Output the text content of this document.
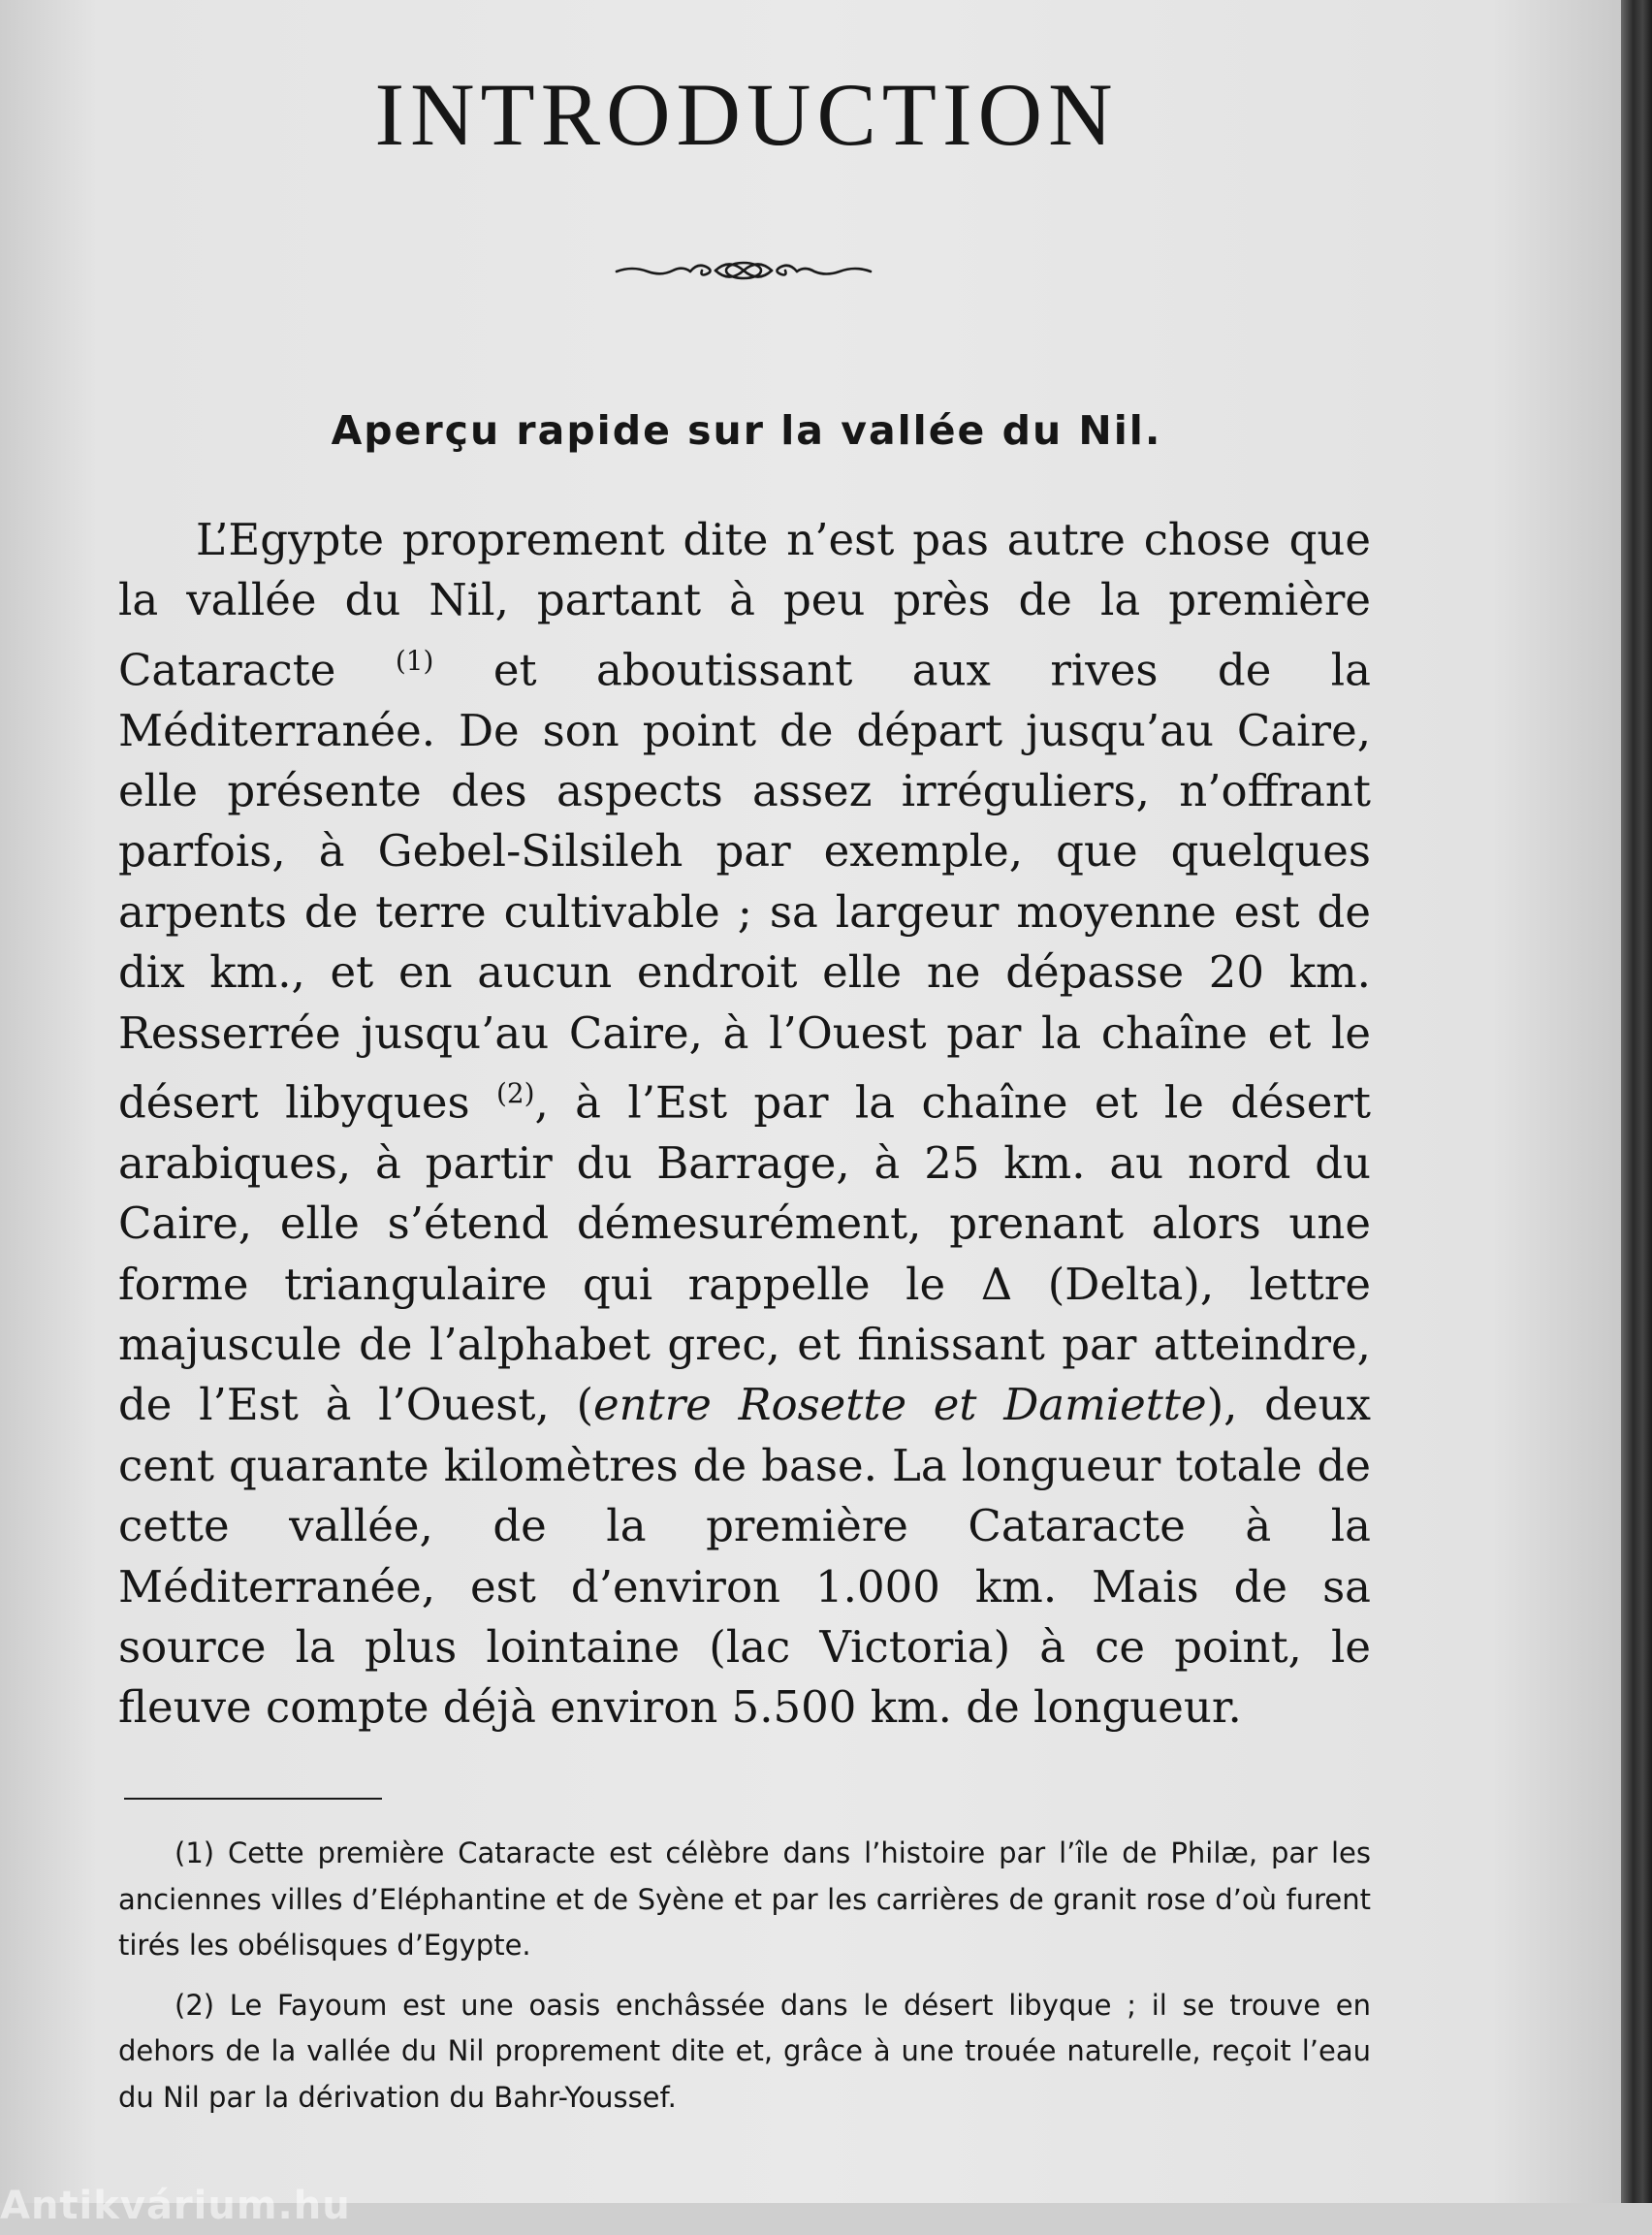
INTRODUCTION
Aperçu rapide sur la vallée du Nil.

L’Egypte proprement dite n’est pas autre chose que la vallée du Nil, partant à peu près de la première Cataracte $^{(1)}$ et aboutissant aux rives de la Méditerranée. De son point de départ jusqu’au Caire, elle présente des aspects assez irréguliers, n’offrant parfois, à Gebel-Silsileh par exemple, que quelques arpents de terre cultivable ; sa largeur moyenne est de dix km., et en aucun endroit elle ne dépasse 20 km. Resserrée jusqu’au Caire, à l’Ouest par la chaîne et le désert libyques $^{(2)}$, à l’Est par la chaîne et le désert arabiques, à partir du Barrage, à 25 km. au nord du Caire, elle s’étend démesurément, prenant alors une forme triangulaire qui rappelle le Δ (Delta), lettre majuscule de l’alphabet grec, et finissant par atteindre, de l’Est à l’Ouest, (entre Rosette et Damiette), deux cent quarante kilomètres de base. La longueur totale de cette vallée, de la première Cataracte à la Méditerranée, est d’environ 1.000 km. Mais de sa source la plus lointaine (lac Victoria) à ce point, le fleuve compte déjà environ 5.500 km. de longueur.

(1) Cette première Cataracte est célèbre dans l’histoire par l’île de Philæ, par les anciennes villes d’Eléphantine et de Syène et par les carrières de granit rose d’où furent tirés les obélisques d’Egypte.

(2) Le Fayoum est une oasis enchâssée dans le désert libyque ; il se trouve en dehors de la vallée du Nil proprement dite et, grâce à une trouée naturelle, reçoit l’eau du Nil par la dérivation du Bahr-Youssef.

Antikvárium.hu
